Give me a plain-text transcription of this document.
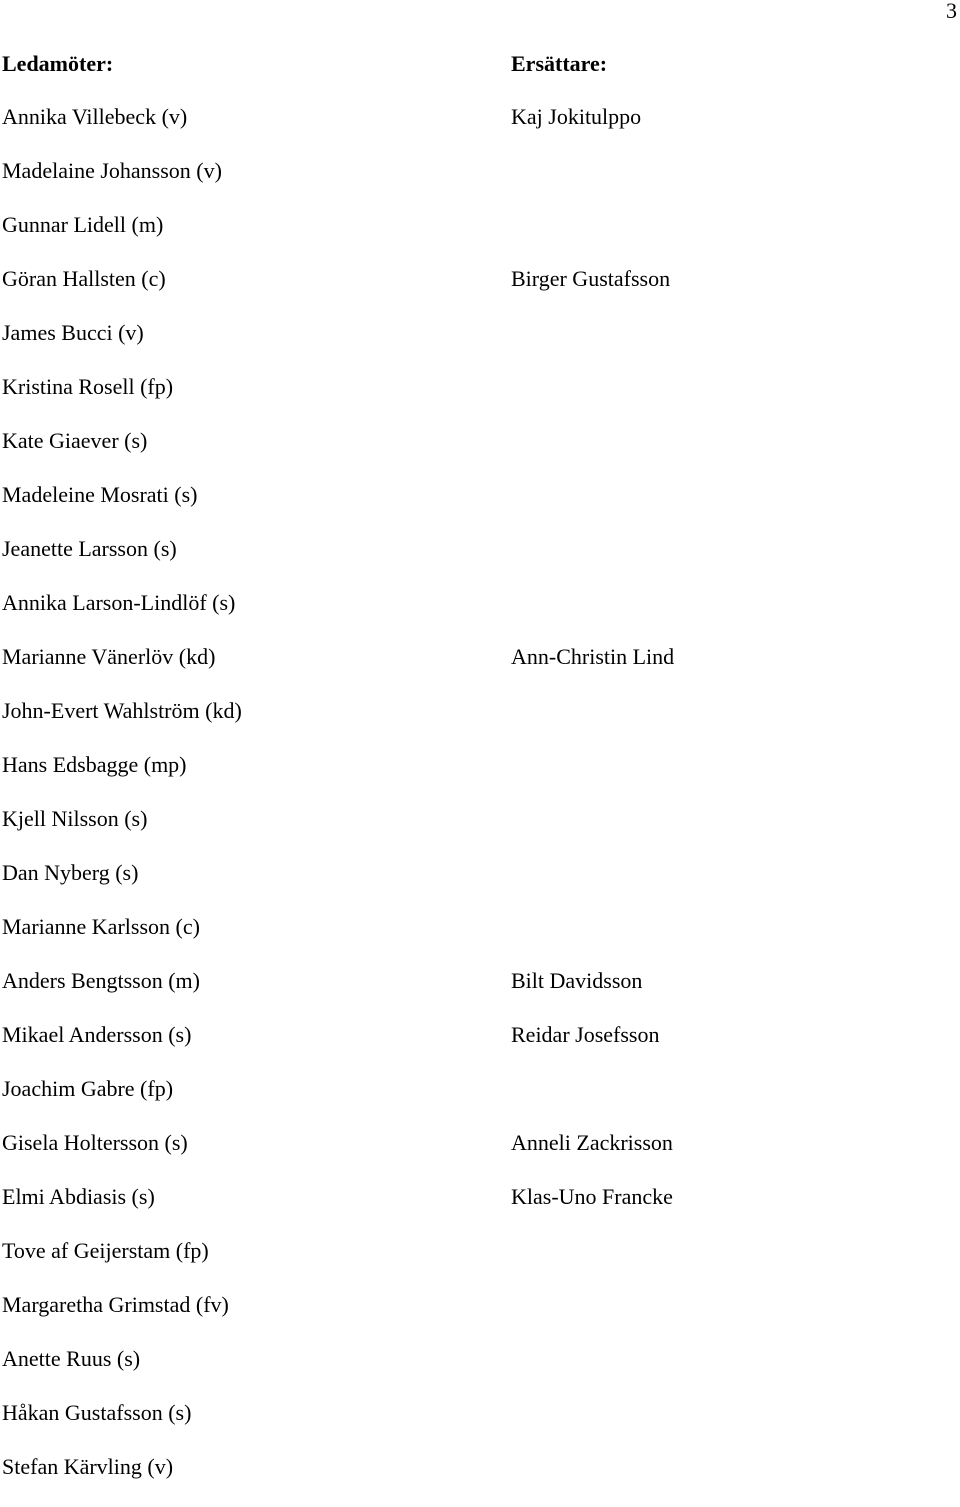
3
Ledamöter:	Ersättare:
Annika Villebeck (v)	Kaj Jokitulppo
Madelaine Johansson (v)
Gunnar Lidell (m)
Göran Hallsten (c)	Birger Gustafsson
James Bucci (v)
Kristina Rosell (fp)
Kate Giaever (s)
Madeleine Mosrati (s)
Jeanette Larsson (s)
Annika Larson-Lindlöf (s)
Marianne Vänerlöv (kd)	Ann-Christin Lind
John-Evert Wahlström (kd)
Hans Edsbagge (mp)
Kjell Nilsson (s)
Dan Nyberg (s)
Marianne Karlsson (c)
Anders Bengtsson (m)	Bilt Davidsson
Mikael Andersson (s)	Reidar Josefsson
Joachim Gabre (fp)
Gisela Holtersson (s)	Anneli Zackrisson
Elmi Abdiasis (s)	Klas-Uno Francke
Tove af Geijerstam (fp)
Margaretha Grimstad (fv)
Anette Ruus (s)
Håkan Gustafsson (s)
Stefan Kärvling (v)
